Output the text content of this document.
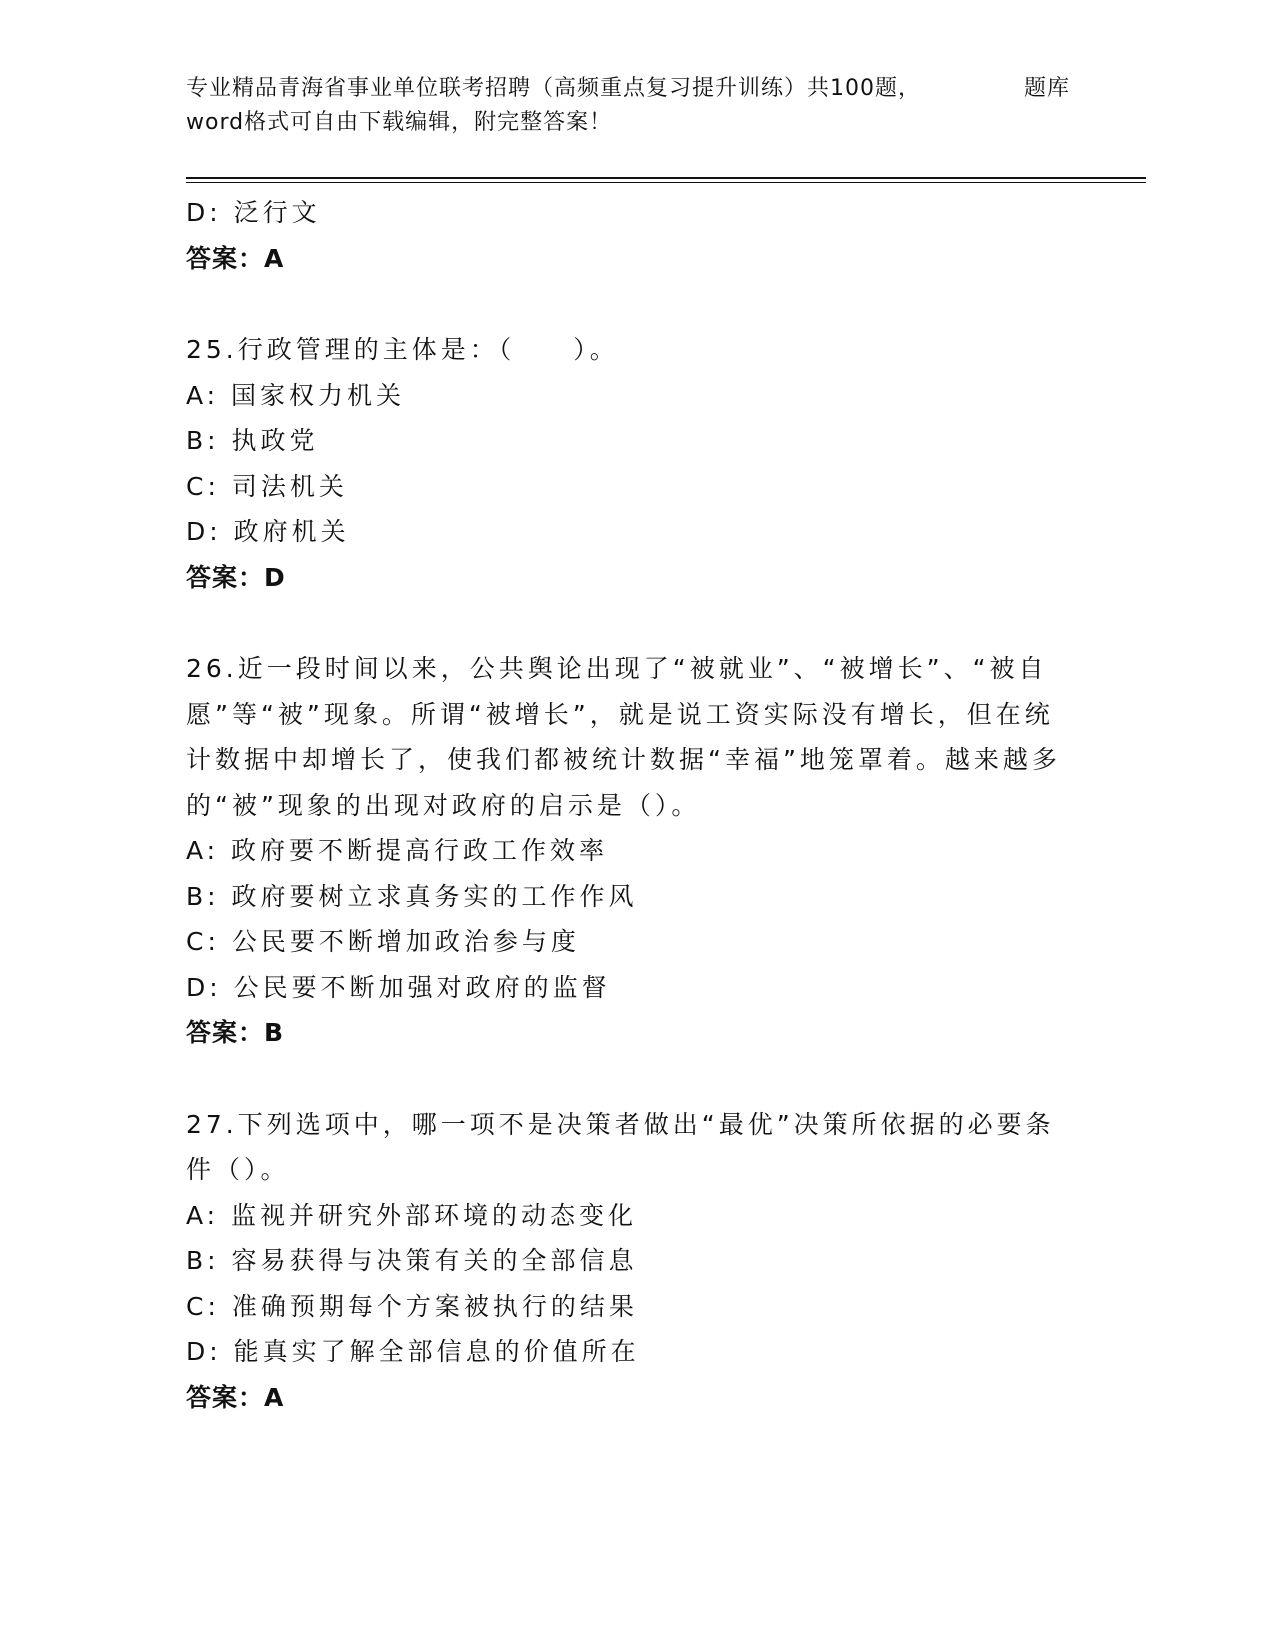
专业精品青海省事业单位联考招聘（高频重点复习提升训练）共100题，word格式可自由下载编辑，附完整答案！
题库
D: 泛行文
答案：A
25.行政管理的主体是：（　　）。
A: 国家权力机关
B: 执政党
C: 司法机关
D: 政府机关
答案：D
26.近一段时间以来，公共舆论出现了“被就业”、“被增长”、“被自愿”等“被”现象。所谓“被增长”，就是说工资实际没有增长，但在统计数据中却增长了，使我们都被统计数据“幸福”地笼罩着。越来越多的“被”现象的出现对政府的启示是（）。
A: 政府要不断提高行政工作效率
B: 政府要树立求真务实的工作作风
C: 公民要不断增加政治参与度
D: 公民要不断加强对政府的监督
答案：B
27.下列选项中，哪一项不是决策者做出“最优”决策所依据的必要条件（）。
A: 监视并研究外部环境的动态变化
B: 容易获得与决策有关的全部信息
C: 准确预期每个方案被执行的结果
D: 能真实了解全部信息的价值所在
答案：A
